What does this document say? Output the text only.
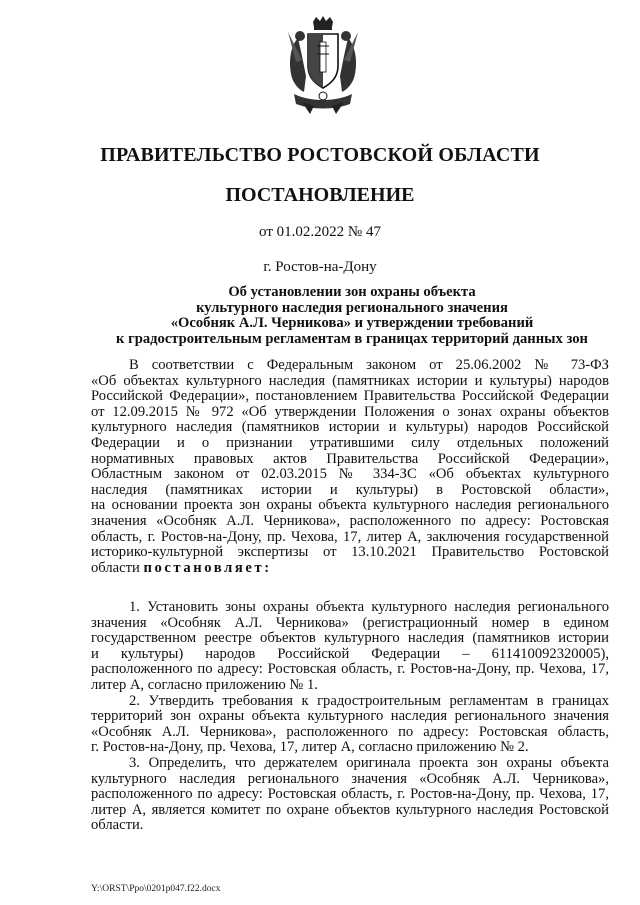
ПРАВИТЕЛЬСТВО РОСТОВСКОЙ ОБЛАСТИ
ПОСТАНОВЛЕНИЕ
от 01.02.2022 № 47
г. Ростов-на-Дону
Об установлении зон охраны объекта
культурного наследия регионального значения
«Особняк А.Л. Черникова» и утверждении требований
к градостроительным регламентам в границах территорий данных зон
В соответствии с Федеральным законом от 25.06.2002 № 73-ФЗ
«Об объектах культурного наследия (памятниках истории и культуры) народов
Российской Федерации», постановлением Правительства Российской Федерации
от 12.09.2015 № 972 «Об утверждении Положения о зонах охраны объектов
культурного наследия (памятников истории и культуры) народов Российской
Федерации и о признании утратившими силу отдельных положений
нормативных правовых актов Правительства Российской Федерации»,
Областным законом от 02.03.2015 № 334-ЗС «Об объектах культурного
наследия (памятниках истории и культуры) в Ростовской области»,
на основании проекта зон охраны объекта культурного наследия регионального
значения «Особняк А.Л. Черникова», расположенного по адресу: Ростовская
область, г. Ростов-на-Дону, пр. Чехова, 17, литер А, заключения государственной
историко-культурной экспертизы от 13.10.2021 Правительство Ростовской
области постановляет:
1. Установить зоны охраны объекта культурного наследия регионального
значения «Особняк А.Л. Черникова» (регистрационный номер в едином
государственном реестре объектов культурного наследия (памятников истории
и культуры) народов Российской Федерации – 611410092320005),
расположенного по адресу: Ростовская область, г. Ростов-на-Дону, пр. Чехова, 17,
литер А, согласно приложению № 1.
2. Утвердить требования к градостроительным регламентам в границах
территорий зон охраны объекта культурного наследия регионального значения
«Особняк А.Л. Черникова», расположенного по адресу: Ростовская область,
г. Ростов-на-Дону, пр. Чехова, 17, литер А, согласно приложению № 2.
3. Определить, что держателем оригинала проекта зон охраны объекта
культурного наследия регионального значения «Особняк А.Л. Черникова»,
расположенного по адресу: Ростовская область, г. Ростов-на-Дону, пр. Чехова, 17,
литер А, является комитет по охране объектов культурного наследия Ростовской
области.
Y:\ORST\Ppo\0201p047.f22.docx
